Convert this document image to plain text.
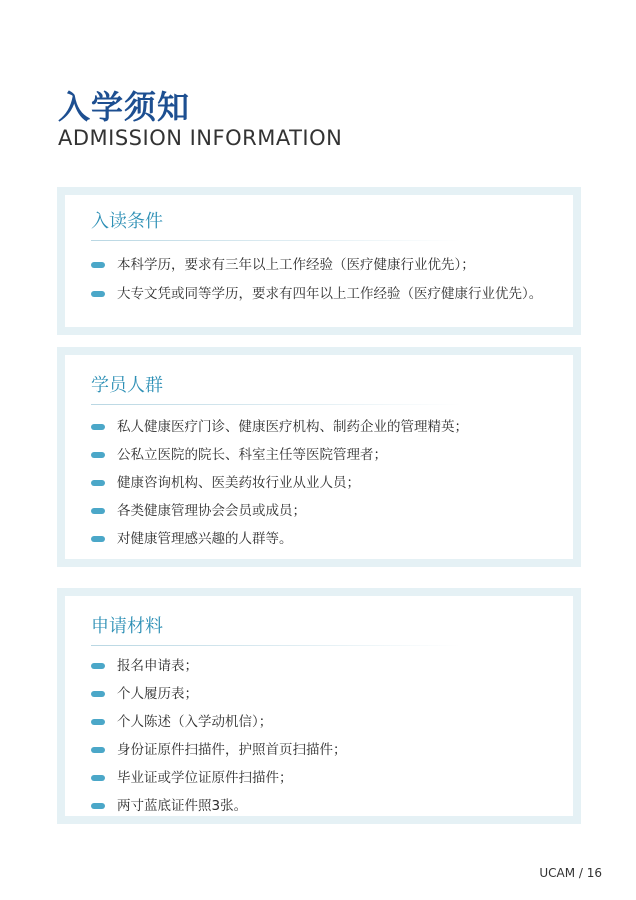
入学须知
ADMISSION INFORMATION
入读条件
本科学历，要求有三年以上工作经验（医疗健康行业优先）；
大专文凭或同等学历，要求有四年以上工作经验（医疗健康行业优先）。
学员人群
私人健康医疗门诊、健康医疗机构、制药企业的管理精英；
公私立医院的院长、科室主任等医院管理者；
健康咨询机构、医美药妆行业从业人员；
各类健康管理协会会员或成员；
对健康管理感兴趣的人群等。
申请材料
报名申请表；
个人履历表；
个人陈述（入学动机信）；
身份证原件扫描件，护照首页扫描件；
毕业证或学位证原件扫描件；
两寸蓝底证件照3张。
UCAM / 16
